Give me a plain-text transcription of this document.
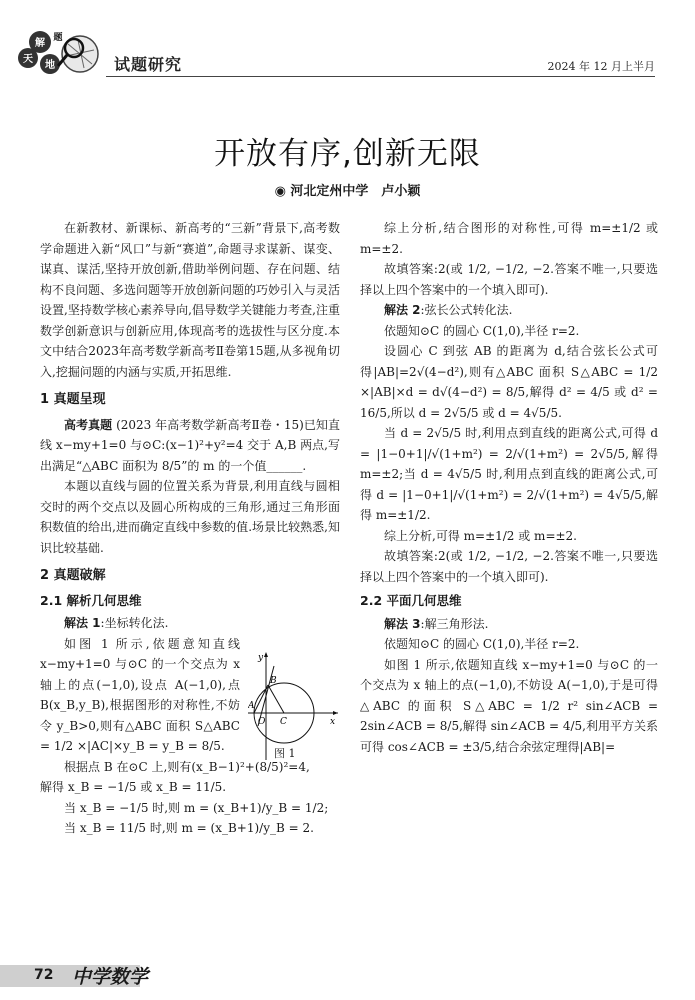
解
天
地
题
试题研究	2024 年 12 月上半月
开放有序,创新无限
◉ 河北定州中学　卢小颖

在新教材、新课标、新高考的“三新”背景下,高考数学命题进入新“风口”与新“赛道”,命题寻求谋新、谋变、谋真、谋活,坚持开放创新,借助举例问题、存在问题、结构不良问题、多选问题等开放创新问题的巧妙引入与灵活设置,坚持数学核心素养导向,倡导数学关键能力考查,注重数学创新意识与创新应用,体现高考的选拔性与区分度.本文中结合2023年高考数学新高考Ⅱ卷第15题,从多视角切入,挖掘问题的内涵与实质,开拓思维.

1 真题呈现

高考真题 (2023 年高考数学新高考Ⅱ卷・15)已知直线 x−my+1=0 与⊙C:(x−1)²+y²=4 交于 A,B 两点,写出满足“△ABC 面积为 8/5”的 m 的一个值______.

本题以直线与圆的位置关系为背景,利用直线与圆相交时的两个交点以及圆心所构成的三角形,通过三角形面积数值的给出,进而确定直线中参数的值.场景比较熟悉,知识比较基础.

2 真题破解
2.1 解析几何思维

解法 1:坐标转化法.

如图 1 所示,依题意知直线 x−my+1=0 与⊙C 的一个交点为 x 轴上的点(−1,0),设点 A(−1,0),点 B(x_B,y_B),根据图形的对称性,不妨令 y_B>0,则有△ABC 面积 S△ABC = 1/2 ×|AC|×y_B = y_B = 8/5.

根据点 B 在⊙C 上,则有(x_B−1)²+(8/5)²=4,

解得 x_B = −1/5 或 x_B = 11/5.

当 x_B = −1/5 时,则 m = (x_B+1)/y_B = 1/2;

当 x_B = 11/5 时,则 m = (x_B+1)/y_B = 2.

y
B
A
O C	x
图 1

综上分析,结合图形的对称性,可得 m=±1/2 或 m=±2.

故填答案:2(或 1/2, −1/2, −2.答案不唯一,只要选择以上四个答案中的一个填入即可).

解法 2:弦长公式转化法.

依题知⊙C 的圆心 C(1,0),半径 r=2.

设圆心 C 到弦 AB 的距离为 d,结合弦长公式可得|AB|=2√(4−d²),则有△ABC 面积 S△ABC = 1/2 ×|AB|×d = d√(4−d²) = 8/5,解得 d² = 4/5 或 d² = 16/5,所以 d = 2√5/5 或 d = 4√5/5.

当 d = 2√5/5 时,利用点到直线的距离公式,可得 d = |1−0+1|/√(1+m²) = 2/√(1+m²) = 2√5/5,解得 m=±2;当 d = 4√5/5 时,利用点到直线的距离公式,可得 d = |1−0+1|/√(1+m²) = 2/√(1+m²) = 4√5/5,解得 m=±1/2.

综上分析,可得 m=±1/2 或 m=±2.

故填答案:2(或 1/2, −1/2, −2.答案不唯一,只要选择以上四个答案中的一个填入即可).

2.2 平面几何思维

解法 3:解三角形法.

依题知⊙C 的圆心 C(1,0),半径 r=2.

如图 1 所示,依题知直线 x−my+1=0 与⊙C 的一个交点为 x 轴上的点(−1,0),不妨设 A(−1,0),于是可得△ABC 的面积 S△ABC = 1/2 r² sin∠ACB = 2sin∠ACB = 8/5,解得 sin∠ACB = 4/5,利用平方关系可得 cos∠ACB = ±3/5,结合余弦定理得|AB|=

72 中学数学
